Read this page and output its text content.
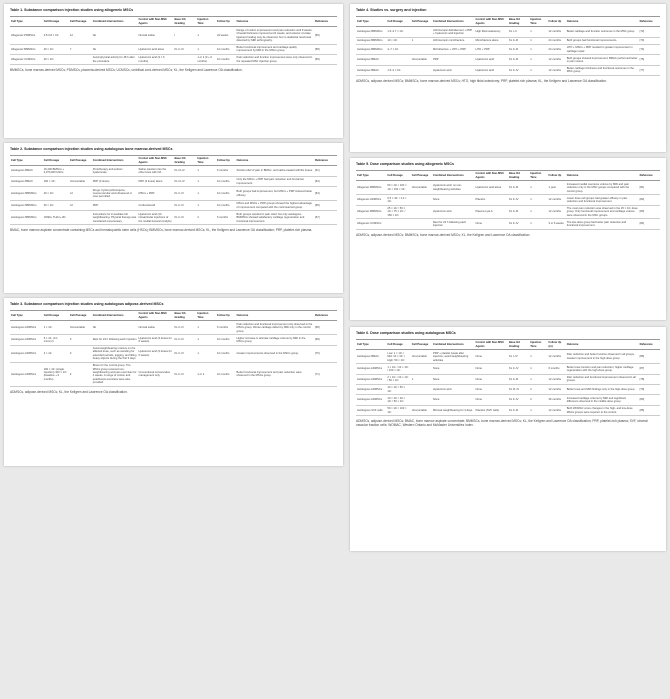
Table 1. Substance comparison injection studies using allogeneic MSCs
Cell Type	Cell Dosage	Cell Passage	Combined interventions	Control with Non-MSC Agents	Base OA Grading	Injection Time	Follow Up	Outcome	Reference
Allogeneic PDMSCs	0.5-0.8 × 10⁸	12	No	Normal saline	I	1	24 weeks	Range of motion improvement and pain reduction until 8 weeks. Cheetal thickness improved at 24 weeks, and anterior cruciate ligament healing may be observed, but no statistical result was detected by MRI arthrography.	[56]
Allogeneic BMMSCs	40 × 10⁶	7	No	Hyaluronic acid alone	KL II–III	1	12 months	Better functional improvement and cartilage quality improvement by MRI in the MSCs group.	[58]
Allogeneic UCMSCs	20 × 10⁶		Avoid physical activity for 48 h after the procedure	Hyaluronic acid (3 × 6 months)		1 or 2 (0 + 6 months)	12 months	Pain reduction and function improvement were only observed in the repeated MSC injection group.	[59]
BMMSCs, bone marrow-derived MSCs; PDMSCs, placenta-derived MSCs; UCMSCs, umbilical cord-derived MSCs; KL, the Kellgren and Lawrence OA classification.
Table 2. Substance comparison injection studies using autologous bone marrow-derived MSCs
Cell Type	Cell Dosage	Cell Passage	Combined Interventions	Control with Non-MSC Agents	Base OA Grading	Injection Time	Follow Up	Outcome	Reference
Autologous BMAC	16,400 BMSCs + 4,070,000 HSCs		Prolotherapy and sodium hyaluronate	Saline injection into the other knee with OA	KL III–IV	1	6 months	Similar relief of pain in BMAC- and saline-treated arthritic knees.	[61]
Autologous BMAC	100 × 10⁶	Uncountable	PRP (3 times)	PRP (3 times) alone	KL III–IV	1	12 months	Only the MSCs + PRP had pain reduction and functional improvement.	[63]
Autologous BMMSCs	40 × 10⁶	≥2	Drugs: hydroxychloroquine, neuromuscular and ultrasound or rose permitted	MSCs + PRP	KL II–IV	1	12 months	Both groups had improvement, but MSCs + PRP induced better efficacy.	[64]
Autologous BMMSCs	40 × 10⁶	≥2	PRP	Corticosteroid	KL II–IV	1	12 months	MSCs and MSCs + PRP groups showed the highest advantage of improvement compared with the corticosteroid group.	[65]
Autologous BMMSCs	CD90+ THA1+ 2D		Instructions for immediate full weightbearing. Physical therapy was considered unnecessary.	Hyaluronic acid (10 intraarticular injections of the medial femoral condyle)	KL II–III	2	6 months	Both groups resulted in pain relief, but only autologous BMMSCs showed satisfactory cartilage regeneration and functional improvement.	[67]
BMAC, bone marrow aspirate concentrate containing MSCs and hematopoietic stem cells (HSCs); BMMSCs, bone marrow-derived MSCs; KL, the Kellgren and Lawrence OA classification; PRP, platelet-rich plasma.
Table 3. Substance comparison injection studies using autologous adipose-derived MSCs
Cell Type	Cell Dosage	Cell Passage	Combined Interventions	Control with Non-MSC Agents	Base OA Grading	Injection Time	Follow Up	Outcome	Reference
Autologous ADMSCs	1 × 10⁸	Uncountable	No	Normal saline	KL II–IV	1	6 months	Pain reduction and functional improvement only observed in the MSCs group. Worse cartilage defect by MRI only in the control group.	[68]
Autologous ADMSCs	5 × 10⁷ (0.1 mL/cm²)	3	Rest for 24 h following each injection	Hyaluronic acid (3 doses for 6 weeks)	KL II–III	1	12 months	Higher increase in articular cartilage volume by MRI in the MSCs group.	[69]
Autologous ADMSCs	4 × 10⁷	3	Avoid weightbearing motions on the affected knee, such as standing for extended periods, jogging, and lifting heavy objects during the first 3 days	Hyaluronic acid (3 doses for 6 weeks)	KL II–IV	1	12 months	Greater improvements observed in the MSCs group.	[70]
Autologous ADMSCs	100 × 10⁶ (single injection) 100 × 10⁶ (baseline + 6 months)	2	Brace for the control group. The MSCs group received non-weightbearing and pain exercises for 4 weeks. A range of motion and quadriceps exercises were also provided.	Conventional conservative management only	KL II–IV	1 or 2	12 months	Better functional improvement and pain reduction were observed in the MSCs group.	[71]
ADMSCs, adipose-derived MSCs; KL, the Kellgren and Lawrence OA classification.
Table 4. Studies vs. surgery and injection
Cell Type	Cell Dosage	Cell Passage	Combined Interventions	Control with Non-MSC Agents	Base OA Grading	Injection Time	Follow Up	Outcome	Reference
Autologous BMMSCs	1.5–2.7 × 10⁸		Arthroscopic debridement + PRP + hyaluronic acid injection	High tibial osteotomy	KL I–II	1	12 months	Better cartilage and function outcomes in the MSC group.	[72]
Autologous BMMSCs	10 × 10⁶	1	Arthroscopic microfracture	Microfracture alone	KL II–III	1	24 months	Both groups had functional improvements.	[73]
Autologous BMMSCs	4–7 × 10⁷		Microfracture + HTO + PRP	HTO + PRP	KL II–III	1	24 months	HTO + MSCs + PRP resulted in greater improvement in cartilage repair.	[74]
Autologous BMAC		Uncountable	PRP	Hyaluronic acid	KL II–III	1	12 months	Both groups showed improvement; BMAC performed better in pain scores.	[75]
Autologous BMAC	1.5–2 × 10⁸		Hyaluronic acid	Hyaluronic acid	KL II–IV	1	12 months	Better cartilage thickness and functional outcomes in the MSC group.	[77]
ADMSCs, adipose-derived MSCs; BMMSCs, bone marrow-derived MSCs; HTO, high tibial osteotomy; PRP, platelet-rich plasma; KL, the Kellgren and Lawrence OA classification.
Table 5. Dose comparison studies using allogeneic MSCs
Cell Type	Cell Dosage	Cell Passage	Combined Interventions	Control with Non-MSC Agents	Base OA Grading	Injection Time	Follow Up	Outcome	Reference
Allogeneic BMMSCs	50 × 10⁶ / 100 × 10⁶ / 150 × 10⁶	Uncountable	Hyaluronic acid; no non-weightbearing activities	Hyaluronic acid alone	KL II–III	1	1 year	Increased medial meniscus volume by MRI and pain reduction only in the MSC groups compared with the control group.	[81]
Allogeneic ADMSCs	0.5 × 10⁶ / 1.0 × 10⁶		None	Placebo	KL II–IV	1	12 months	Lower dose cell groups had greater efficacy in pain reduction and functional improvement.	[82]
Allogeneic BMMSCs	25 × 10⁶ / 50 × 10⁶ / 75 × 10⁶ / 150 × 10⁶		Hyaluronic acid	Plasma Lyte A	KL II–III	1	12 months	The most pain reduction was observed in the 25 × 10⁶ dose group. Only functional improvement and cartilage volume were observed in the MSC groups.	[83]
Allogeneic UCMSCs			Rest for 24 h following each injection	None	KL II–IV	1	3 or 6 weeks	The low-dose group had better pain reduction and functional improvement.	[84]
ADMSCs, adipose-derived MSCs; BMMSCs, bone marrow-derived MSCs; KL, the Kellgren and Lawrence OA classification.
Table 6. Dose comparison studies using autologous MSCs
Cell Type	Cell Dosage	Cell Passage	Combined Interventions	Control with Non-MSC Agents	Base OA Grading	Injection Time	Follow Up (m)	Outcome	Reference
Autologous BMAC	Low: 1 × 10⁶ / Mid: 10 × 10⁶ / High: 50 × 10⁶	Uncountable	PRP + platelet lysate after injection; avoid weightbearing activities	None	KL I–IV	1	12 months	Pain reduction and better function observed in all groups. Greater improvement in the high-dose group.	[86]
Autologous ADMSCs	1 × 10⁶ / 10 × 10⁶ / 100 × 10⁶		None	None	KL II–IV	1	6 months	Better knee function and pain reduction; higher cartilage regeneration with the high-dose group.	[87]
Autologous ADMSCs	2 × 10⁶ / 10 × 10⁶ / 50 × 10⁶	1	None	None	KL II–III	1	12 months	Pain reduction and functional improvement observed in all groups.	[78]
Autologous ADMSCs	10 × 10⁶ / 50 × 10⁶		Hyaluronic acid	None	KL III–IV	2	12 months	Better knee and MRI findings only in the high-dose group.	[79]
Autologous ADMSCs	10 × 10⁶ / 20 × 10⁶ / 50 × 10⁶		None	None	KL II–IV	2	36 months	Increased cartilage volume by MRI and significant difference observed in the middle-dose group.	[80]
Autologous SVF cells	50 × 10⁶ / 100 × 10⁶	Uncountable	Minimal weightbearing for 3 days.	Placebo (SVF cells)	KL II–III	1	12 months	Both WOMAC score changes in the high- and low-dose MSCs groups were superior to the control.	[85]
ADMSCs, adipose-derived MSCs; BMAC, bone marrow aspirate concentrate; BMMSCs, bone marrow-derived MSCs; KL, the Kellgren and Lawrence OA classification; PRP, platelet-rich plasma; SVF, stromal vascular fraction cells; WOMAC, Western Ontario and McMaster Universities Index.
